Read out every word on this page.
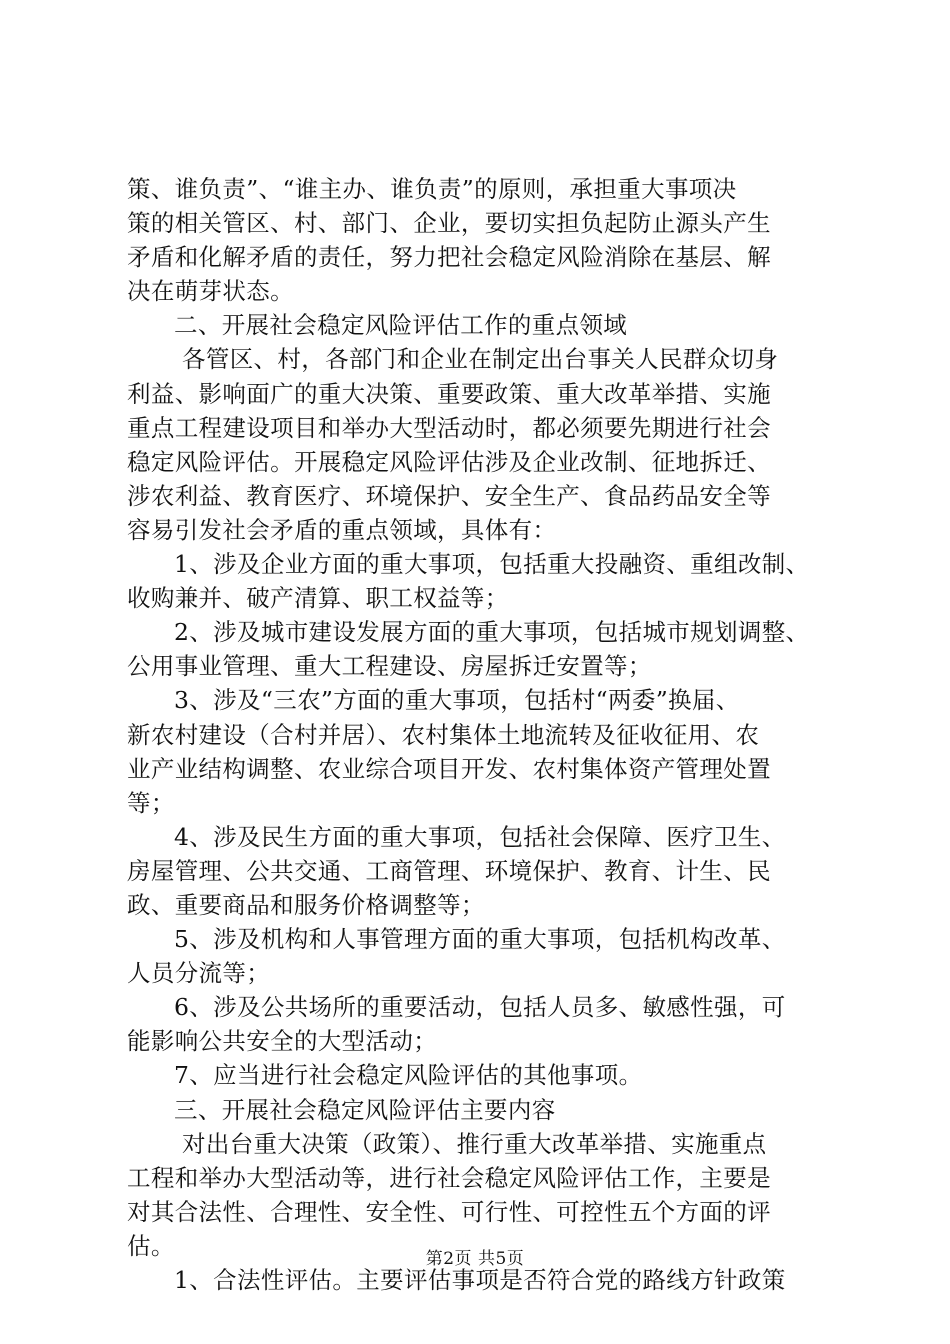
策、谁负责”、“谁主办、谁负责”的原则，承担重大事项决
策的相关管区、村、部门、企业，要切实担负起防止源头产生
矛盾和化解矛盾的责任，努力把社会稳定风险消除在基层、解
决在萌芽状态。
二、开展社会稳定风险评估工作的重点领域
各管区、村，各部门和企业在制定出台事关人民群众切身
利益、影响面广的重大决策、重要政策、重大改革举措、实施
重点工程建设项目和举办大型活动时，都必须要先期进行社会
稳定风险评估。开展稳定风险评估涉及企业改制、征地拆迁、
涉农利益、教育医疗、环境保护、安全生产、食品药品安全等
容易引发社会矛盾的重点领域，具体有：
1、涉及企业方面的重大事项，包括重大投融资、重组改制、
收购兼并、破产清算、职工权益等；
2、涉及城市建设发展方面的重大事项，包括城市规划调整、
公用事业管理、重大工程建设、房屋拆迁安置等；
3、涉及“三农”方面的重大事项，包括村“两委”换届、
新农村建设（合村并居）、农村集体土地流转及征收征用、农
业产业结构调整、农业综合项目开发、农村集体资产管理处置
等；
4、涉及民生方面的重大事项，包括社会保障、医疗卫生、
房屋管理、公共交通、工商管理、环境保护、教育、计生、民
政、重要商品和服务价格调整等；
5、涉及机构和人事管理方面的重大事项，包括机构改革、
人员分流等；
6、涉及公共场所的重要活动，包括人员多、敏感性强，可
能影响公共安全的大型活动；
7、应当进行社会稳定风险评估的其他事项。
三、开展社会稳定风险评估主要内容
对出台重大决策（政策）、推行重大改革举措、实施重点
工程和举办大型活动等，进行社会稳定风险评估工作，主要是
对其合法性、合理性、安全性、可行性、可控性五个方面的评
估。
1、合法性评估。主要评估事项是否符合党的路线方针政策
第2页 共5页
